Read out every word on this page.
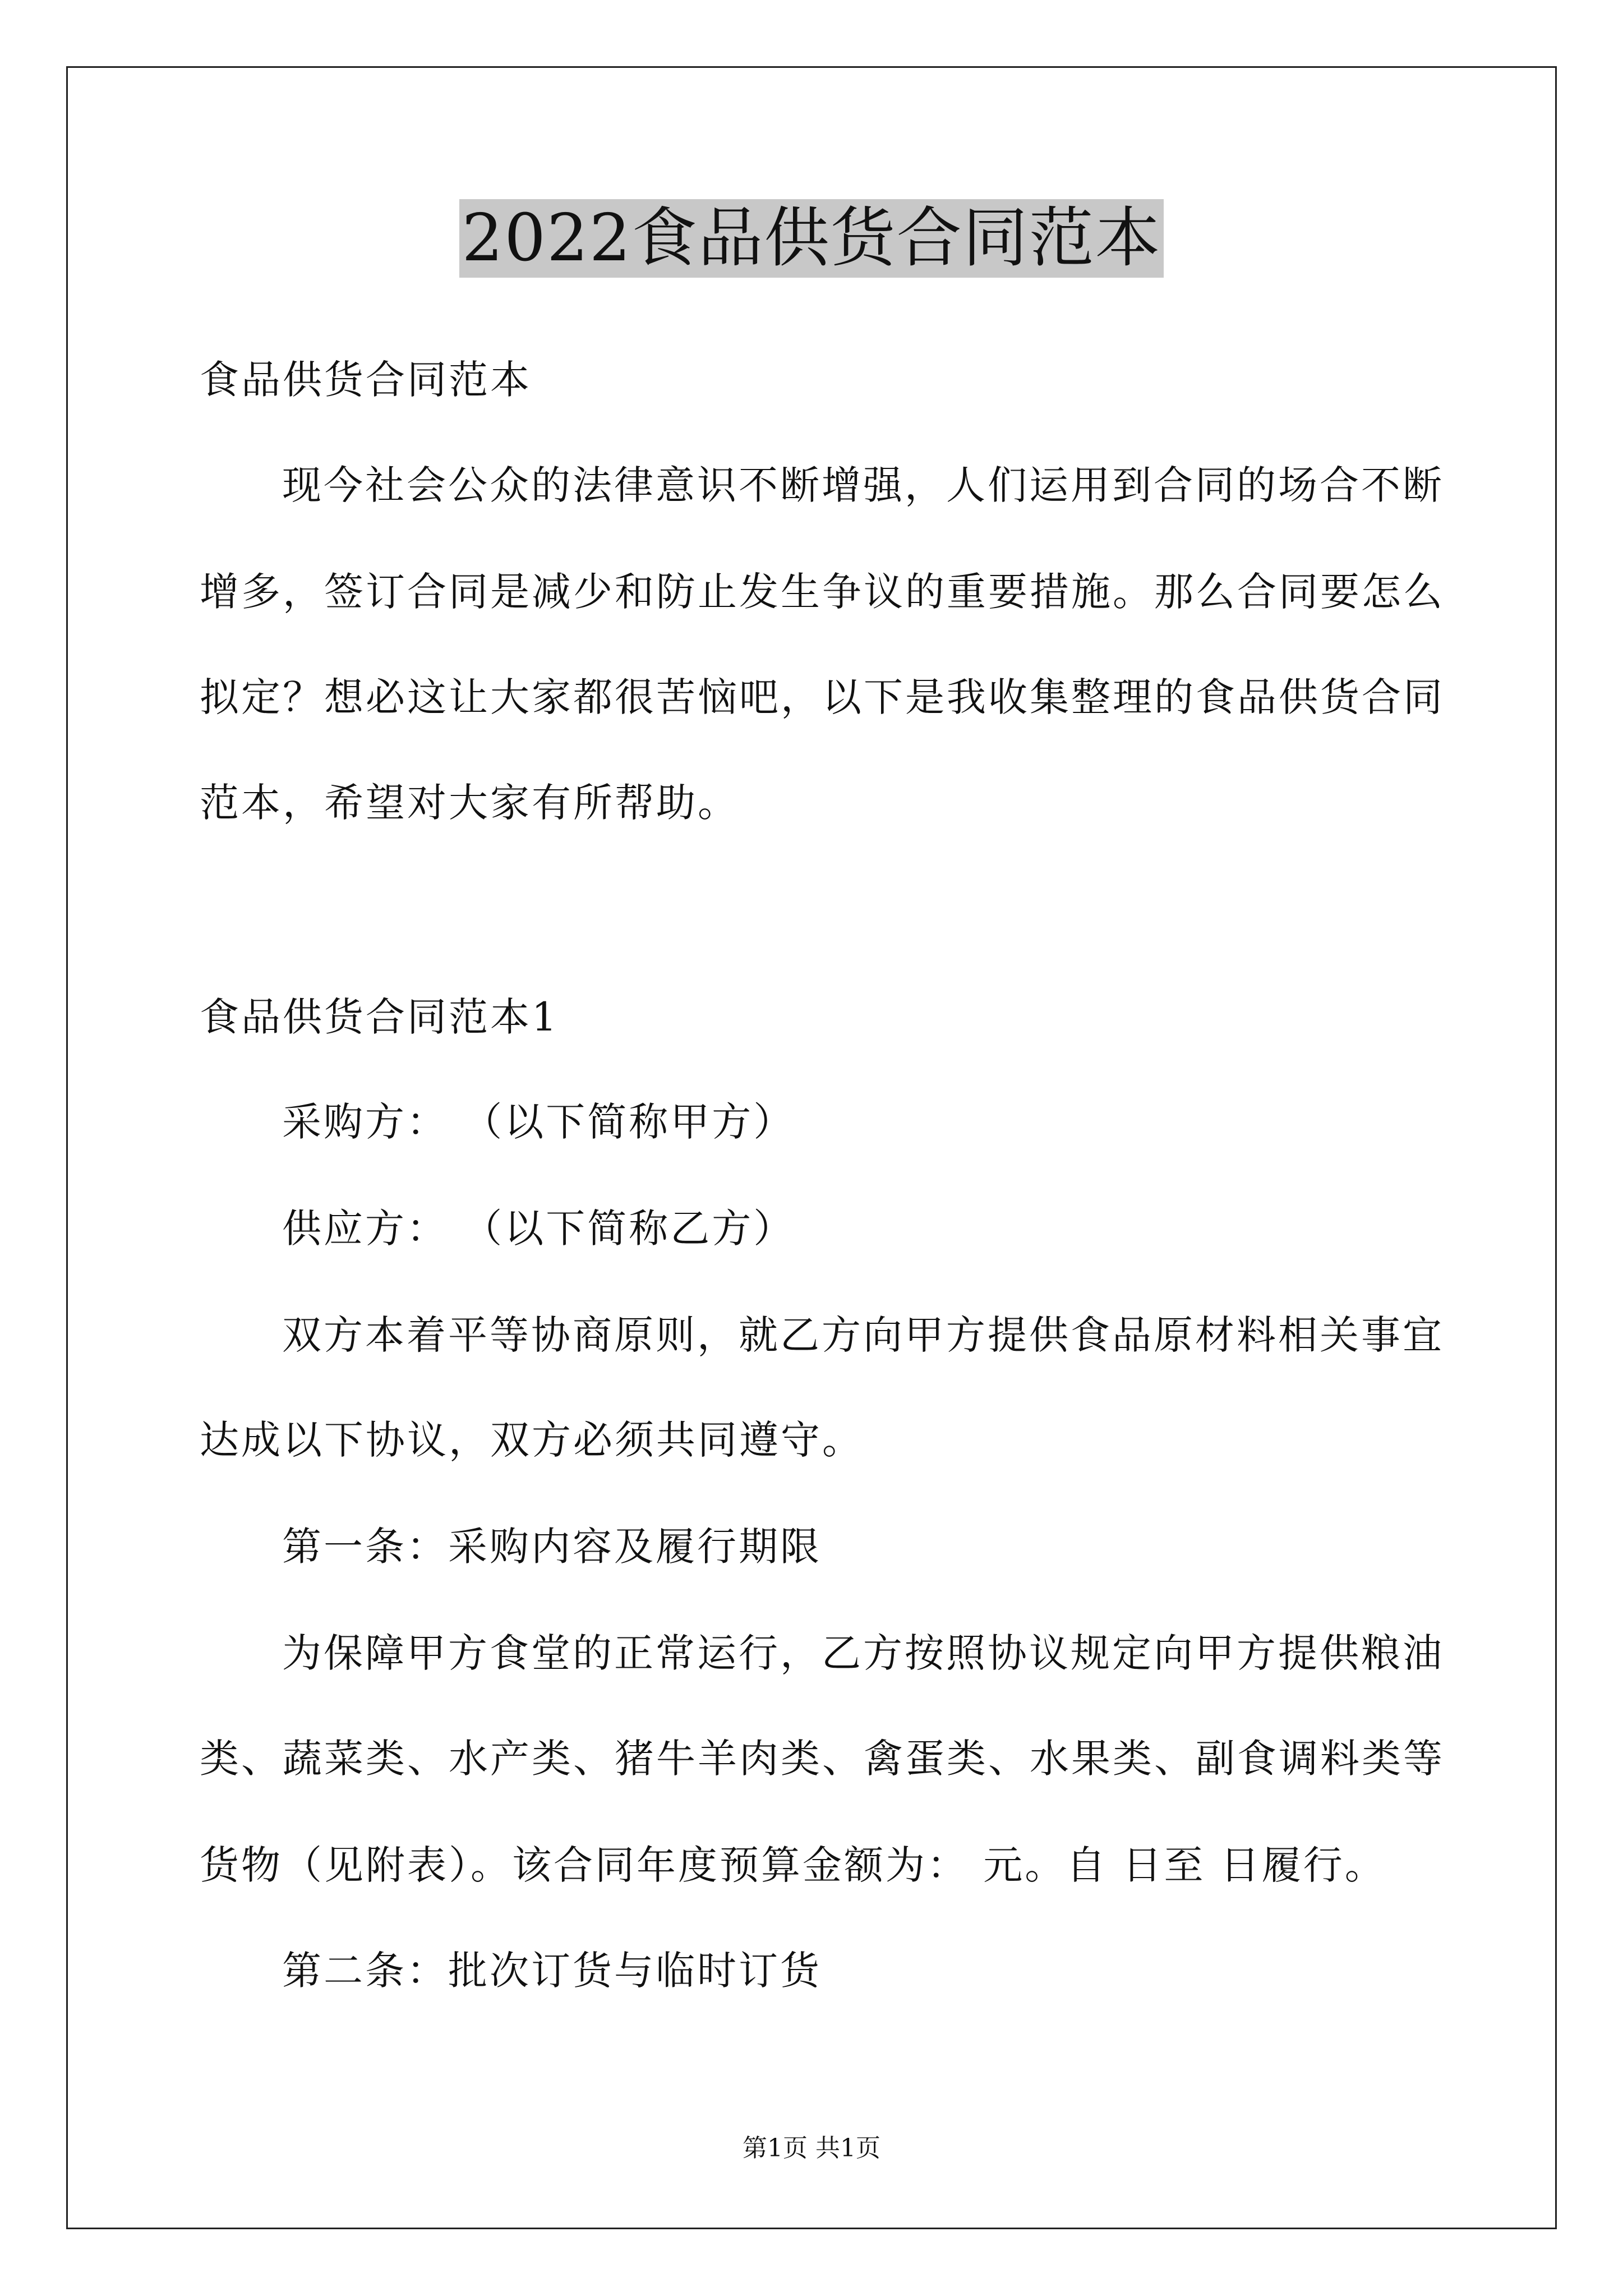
2022食品供货合同范本
食品供货合同范本
现今社会公众的法律意识不断增强，人们运用到合同的场合不断
增多，签订合同是减少和防止发生争议的重要措施。那么合同要怎么
拟定？想必这让大家都很苦恼吧，以下是我收集整理的食品供货合同
范本，希望对大家有所帮助。
食品供货合同范本1
采购方： （以下简称甲方）
供应方： （以下简称乙方）
双方本着平等协商原则，就乙方向甲方提供食品原材料相关事宜
达成以下协议，双方必须共同遵守。
第一条：采购内容及履行期限
为保障甲方食堂的正常运行，乙方按照协议规定向甲方提供粮油
类、蔬菜类、水产类、猪牛羊肉类、禽蛋类、水果类、副食调料类等
货物（见附表）。该合同年度预算金额为： 元。自 日至 日履行。
第二条：批次订货与临时订货
第1页 共1页
